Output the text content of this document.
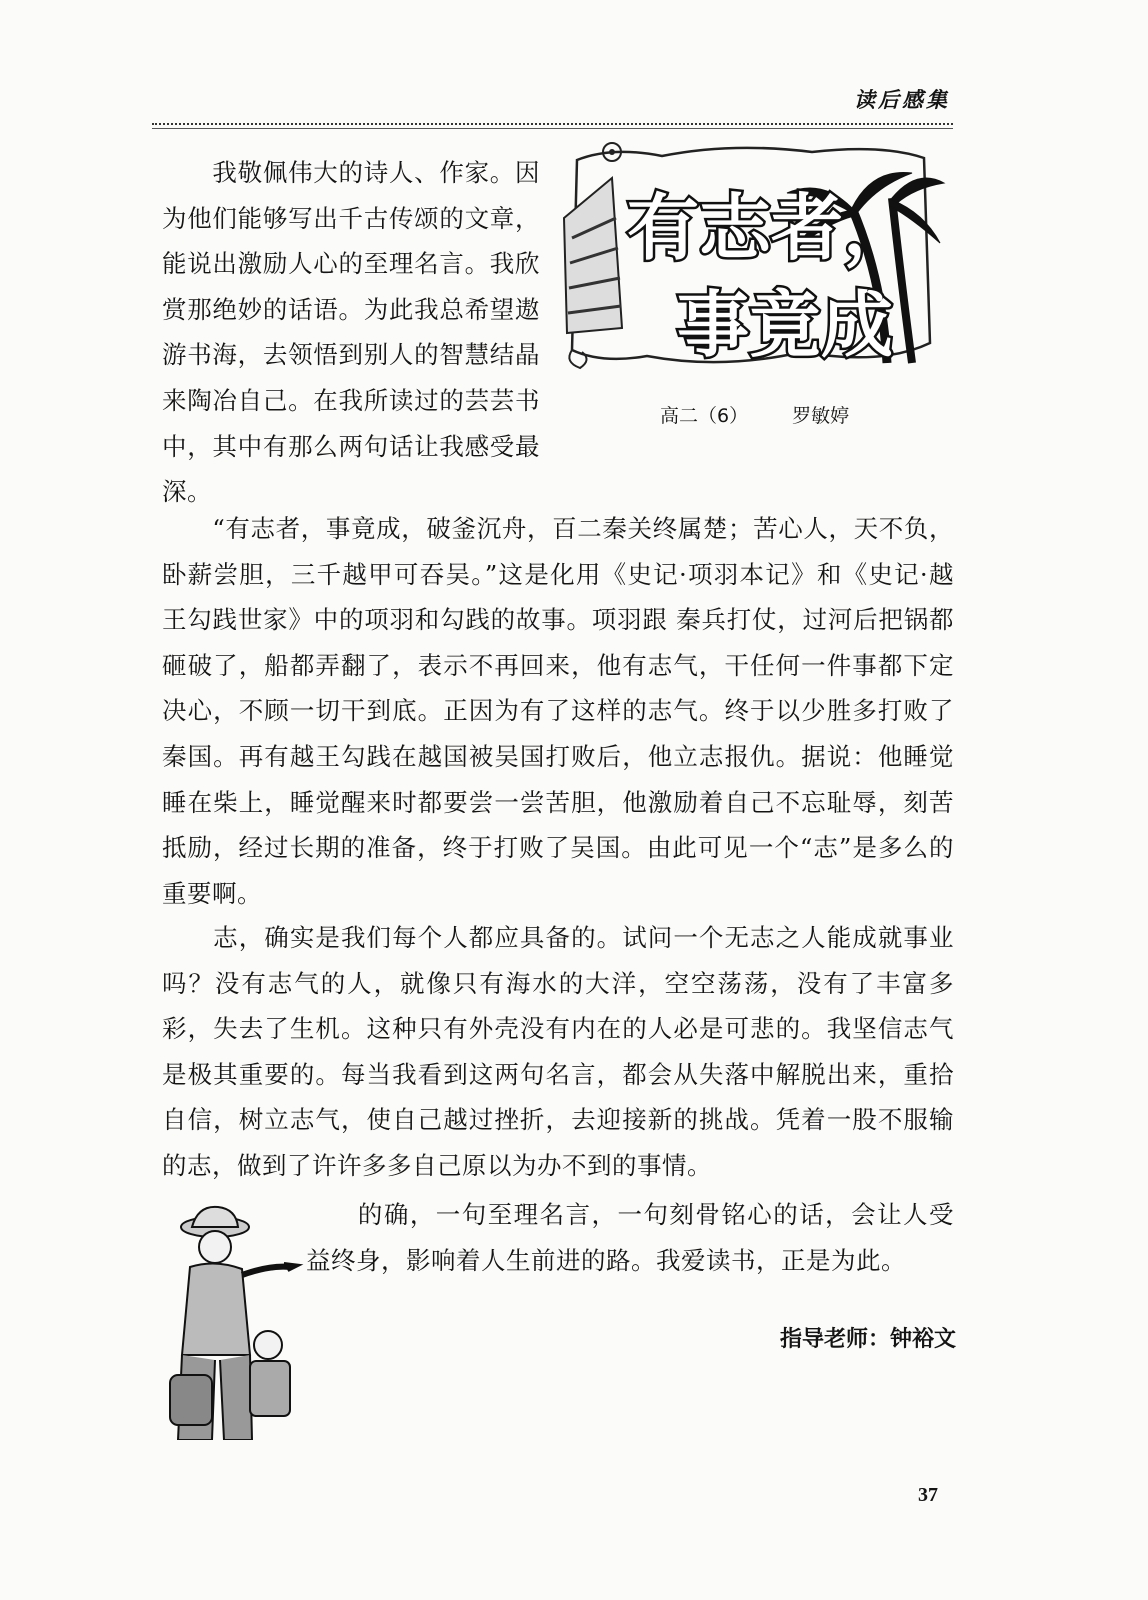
读后感集
有志者，
事竟成
高二（6） 罗敏婷

　　我敬佩伟大的诗人、作家。因为他们能够写出千古传颂的文章，能说出激励人心的至理名言。我欣赏那绝妙的话语。为此我总希望遨游书海，去领悟到别人的智慧结晶来陶冶自己。在我所读过的芸芸书中，其中有那么两句话让我感受最深。

　　“有志者，事竟成，破釜沉舟，百二秦关终属楚；苦心人，天不负，卧薪尝胆，三千越甲可吞吴。”这是化用《史记·项羽本记》和《史记·越王勾践世家》中的项羽和勾践的故事。项羽跟 秦兵打仗，过河后把锅都砸破了，船都弄翻了，表示不再回来，他有志气，干任何一件事都下定决心，不顾一切干到底。正因为有了这样的志气。终于以少胜多打败了秦国。再有越王勾践在越国被吴国打败后，他立志报仇。据说：他睡觉睡在柴上，睡觉醒来时都要尝一尝苦胆，他激励着自己不忘耻辱，刻苦抵励，经过长期的准备，终于打败了吴国。由此可见一个“志”是多么的重要啊。

　　志，确实是我们每个人都应具备的。试问一个无志之人能成就事业吗？没有志气的人，就像只有海水的大洋，空空荡荡，没有了丰富多彩，失去了生机。这种只有外壳没有内在的人必是可悲的。我坚信志气是极其重要的。每当我看到这两句名言，都会从失落中解脱出来，重拾自信，树立志气，使自己越过挫折，去迎接新的挑战。凭着一股不服输的志，做到了许许多多自己原以为办不到的事情。

　　的确，一句至理名言，一句刻骨铭心的话，会让人受益终身，影响着人生前进的路。我爱读书，正是为此。

指导老师：钟裕文
37
